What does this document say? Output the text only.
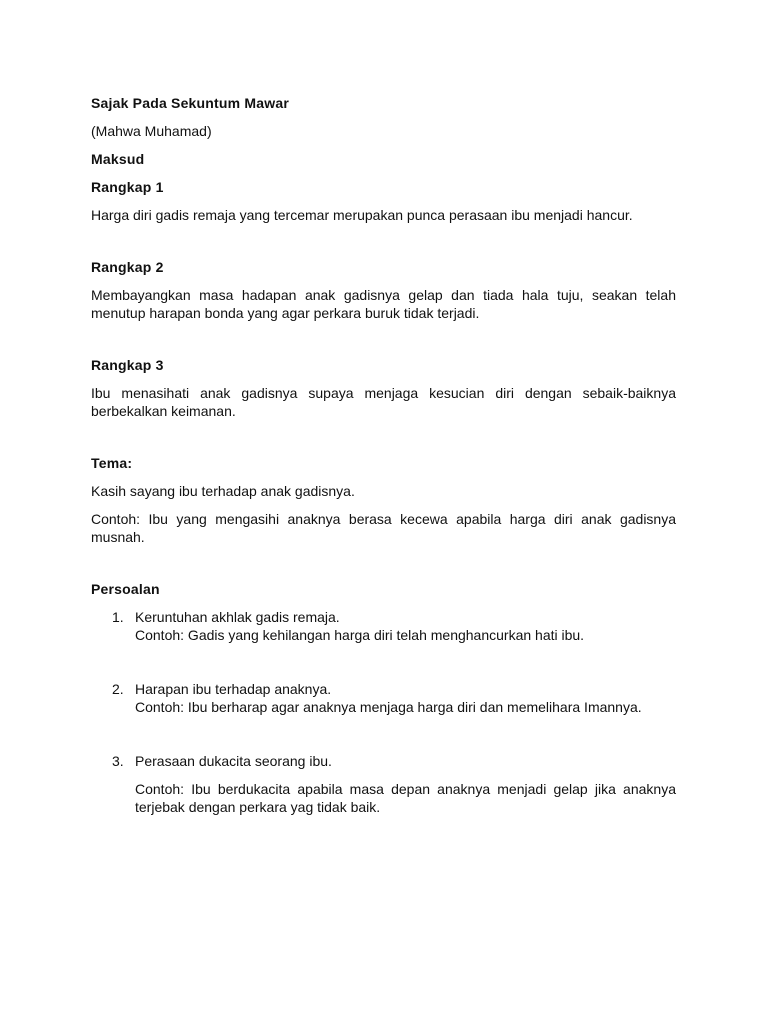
Sajak Pada Sekuntum Mawar

(Mahwa Muhamad)

Maksud

Rangkap 1

Harga diri gadis remaja yang tercemar merupakan punca perasaan ibu menjadi hancur.

Rangkap 2

Membayangkan masa hadapan anak gadisnya gelap dan tiada hala tuju, seakan telah menutup harapan bonda yang agar perkara buruk tidak terjadi.

Rangkap 3

Ibu menasihati anak gadisnya supaya menjaga kesucian diri dengan sebaik-baiknya berbekalkan keimanan.

Tema:

Kasih sayang ibu terhadap anak gadisnya.

Contoh: Ibu yang mengasihi anaknya berasa kecewa apabila harga diri anak gadisnya musnah.

Persoalan

1. Keruntuhan akhlak gadis remaja.
Contoh: Gadis yang kehilangan harga diri telah menghancurkan hati ibu.
2. Harapan ibu terhadap anaknya.
Contoh: Ibu berharap agar anaknya menjaga harga diri dan memelihara Imannya.
3. Perasaan dukacita seorang ibu.
Contoh: Ibu berdukacita apabila masa depan anaknya menjadi gelap jika anaknya terjebak dengan perkara yag tidak baik.
